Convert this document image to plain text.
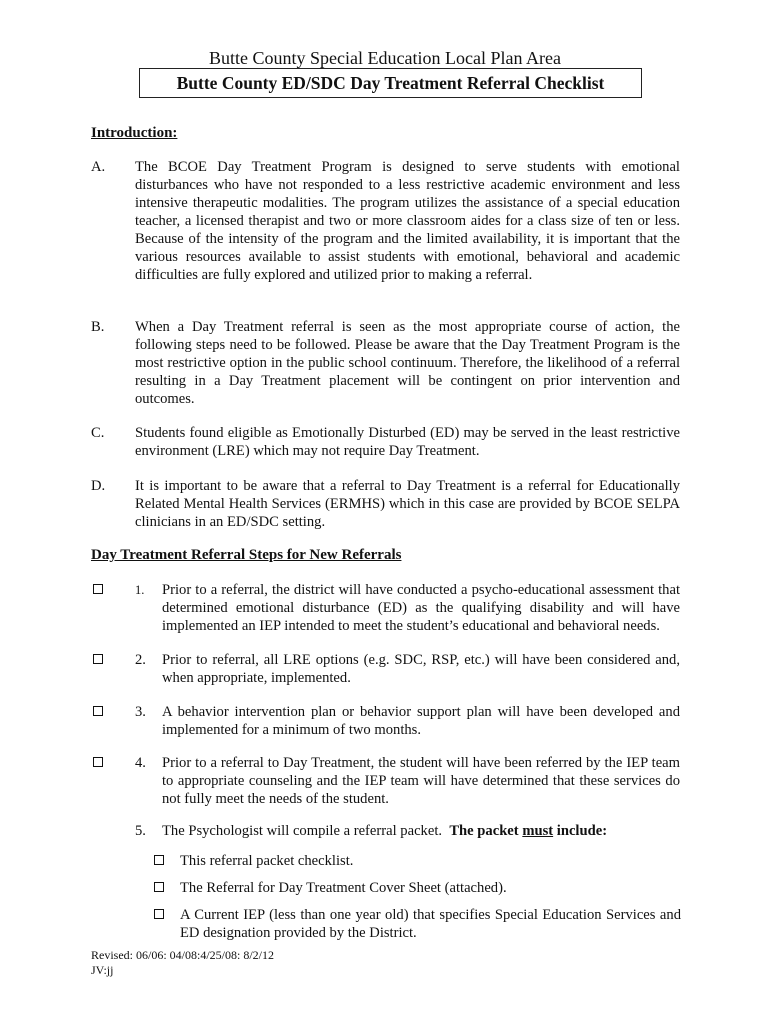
Butte County Special Education Local Plan Area
Butte County ED/SDC Day Treatment Referral Checklist
Introduction:
A.	The BCOE Day Treatment Program is designed to serve students with emotional disturbances who have not responded to a less restrictive academic environment and less intensive therapeutic modalities. The program utilizes the assistance of a special education teacher, a licensed therapist and two or more classroom aides for a class size of ten or less. Because of the intensity of the program and the limited availability, it is important that the various resources available to assist students with emotional, behavioral and academic difficulties are fully explored and utilized prior to making a referral.
B.	When a Day Treatment referral is seen as the most appropriate course of action, the following steps need to be followed. Please be aware that the Day Treatment Program is the most restrictive option in the public school continuum. Therefore, the likelihood of a referral resulting in a Day Treatment placement will be contingent on prior intervention and outcomes.
C.	Students found eligible as Emotionally Disturbed (ED) may be served in the least restrictive environment (LRE) which may not require Day Treatment.
D.	It is important to be aware that a referral to Day Treatment is a referral for Educationally Related Mental Health Services (ERMHS) which in this case are provided by BCOE SELPA clinicians in an ED/SDC setting.
Day Treatment Referral Steps for New Referrals
1.	Prior to a referral, the district will have conducted a psycho-educational assessment that determined emotional disturbance (ED) as the qualifying disability and will have implemented an IEP intended to meet the student’s educational and behavioral needs.
2.	Prior to referral, all LRE options (e.g. SDC, RSP, etc.) will have been considered and, when appropriate, implemented.
3.	A behavior intervention plan or behavior support plan will have been developed and implemented for a minimum of two months.
4.	Prior to a referral to Day Treatment, the student will have been referred by the IEP team to appropriate counseling and the IEP team will have determined that these services do not fully meet the needs of the student.
5.	The Psychologist will compile a referral packet. The packet must include:
This referral packet checklist.
The Referral for Day Treatment Cover Sheet (attached).
A Current IEP (less than one year old) that specifies Special Education Services and ED designation provided by the District.
Revised: 06/06: 04/08:4/25/08: 8/2/12
JV:jj
